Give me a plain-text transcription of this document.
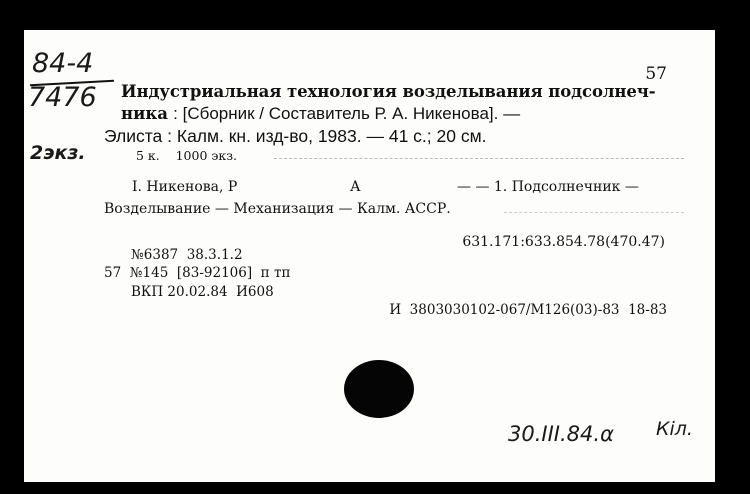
84-4
7476
2экз.
57
Индустриальная технология возделывания подсолнеч-
ника : [Сборник / Составитель Р. А. Никенова]. —
Элиста : Калм. кн. изд-во, 1983. — 41 с.; 20 см.
5 к.    1000 экз.
I. Никенова, Р	А	— — 1. Подсолнечник —
Возделывание — Механизация — Калм. АССР.
631.171:633.854.78(470.47)
№6387  38.3.1.2
57  №145  [83-92106]  п тп
ВКП 20.02.84  И608
И  3803030102-067/М126(03)-83  18-83
30.III.84.α Кіл.
